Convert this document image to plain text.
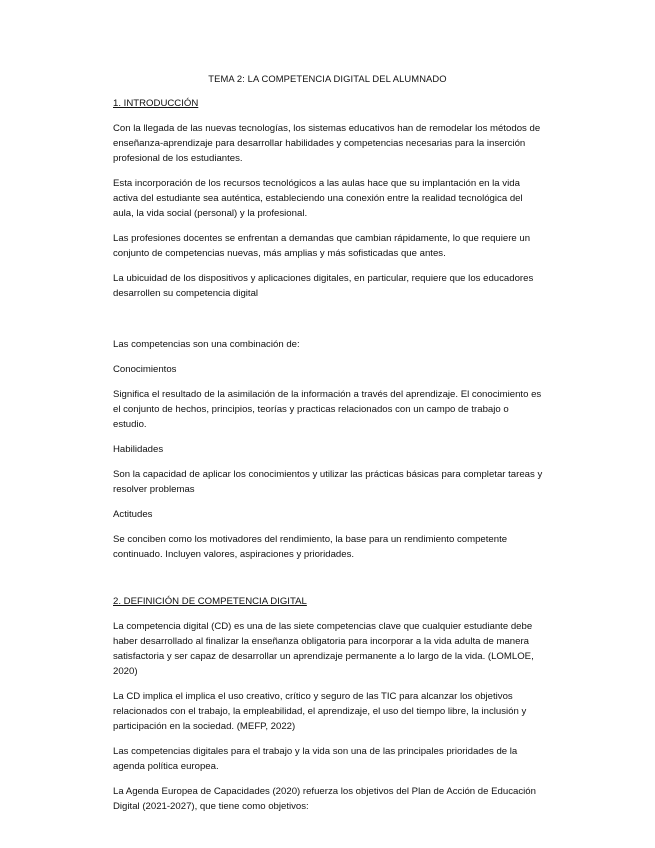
TEMA 2: LA COMPETENCIA DIGITAL DEL ALUMNADO

1. INTRODUCCIÓN

Con la llegada de las nuevas tecnologías, los sistemas educativos han de remodelar los métodos de enseñanza-aprendizaje para desarrollar habilidades y competencias necesarias para la inserción profesional de los estudiantes.

Esta incorporación de los recursos tecnológicos a las aulas hace que su implantación en la vida activa del estudiante sea auténtica, estableciendo una conexión entre la realidad tecnológica del aula, la vida social (personal) y la profesional.

Las profesiones docentes se enfrentan a demandas que cambian rápidamente, lo que requiere un conjunto de competencias nuevas, más amplias y más sofisticadas que antes.

La ubicuidad de los dispositivos y aplicaciones digitales, en particular, requiere que los educadores desarrollen su competencia digital

Las competencias son una combinación de:

Conocimientos

Significa el resultado de la asimilación de la información a través del aprendizaje. El conocimiento es el conjunto de hechos, principios, teorías y practicas relacionados con un campo de trabajo o estudio.

Habilidades

Son la capacidad de aplicar los conocimientos y utilizar las prácticas básicas para completar tareas y resolver problemas

Actitudes

Se conciben como los motivadores del rendimiento, la base para un rendimiento competente continuado. Incluyen valores, aspiraciones y prioridades.

2. DEFINICIÓN DE COMPETENCIA DIGITAL

La competencia digital (CD) es una de las siete competencias clave que cualquier estudiante debe haber desarrollado al finalizar la enseñanza obligatoria para incorporar a la vida adulta de manera satisfactoria y ser capaz de desarrollar un aprendizaje permanente a lo largo de la vida. (LOMLOE, 2020)

La CD implica el implica el uso creativo, crítico y seguro de las TIC para alcanzar los objetivos relacionados con el trabajo, la empleabilidad, el aprendizaje, el uso del tiempo libre, la inclusión y participación en la sociedad. (MEFP, 2022)

Las competencias digitales para el trabajo y la vida son una de las principales prioridades de la agenda política europea.

La Agenda Europea de Capacidades (2020) refuerza los objetivos del Plan de Acción de Educación Digital (2021-2027), que tiene como objetivos:
